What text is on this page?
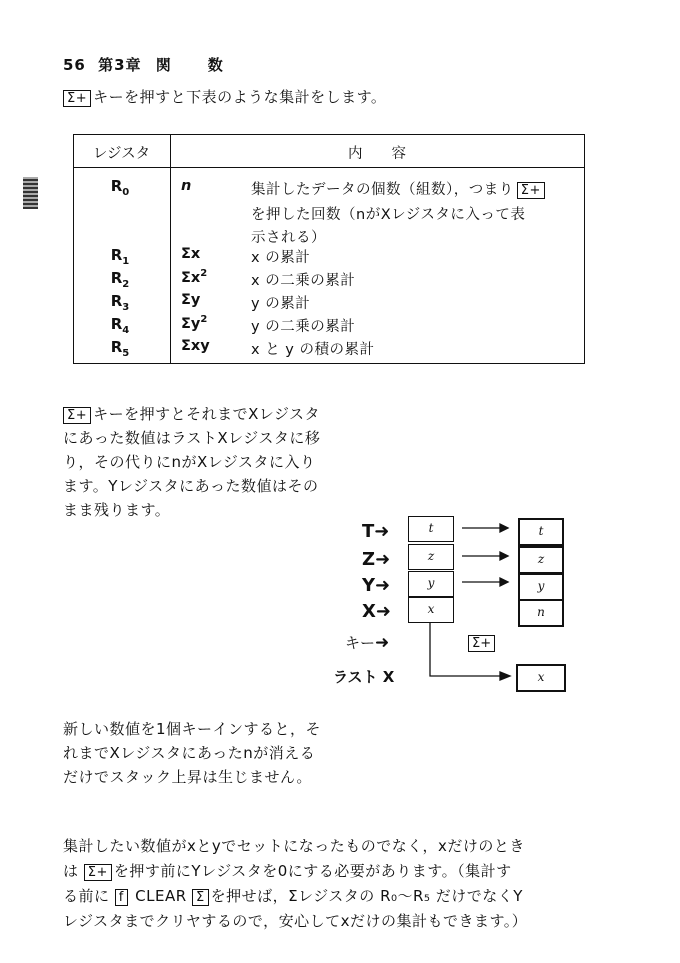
56 第3章 関 数
Σ+ キーを押すと下表のような集計をします。
レジスタ	内　　容
$R_0$	n	集計したデータの個数（組数），つまり Σ+
を押した回数（nがXレジスタに入って表
示される）
$R_1$	Σx	x の累計
$R_2$	$\Sigma x^2$	x の二乗の累計
$R_3$	Σy	y の累計
$R_4$	$\Sigma y^2$	y の二乗の累計
$R_5$	Σxy	x と y の積の累計
Σ+ キーを押すとそれまでXレジスタ
にあった数値はラストXレジスタに移
り，その代りにnがXレジスタに入り
ます。Yレジスタにあった数値はその
まま残ります。
T➜
Z➜
Y➜
X➜
t
z
y
x
t
z
y
n
キー➜	Σ+
ラスト X	x
新しい数値を1個キーインすると，そ
れまでXレジスタにあったnが消える
だけでスタック上昇は生じません。
集計したい数値がxとyでセットになったものでなく，xだけのとき
は Σ+ を押す前にYレジスタを0にする必要があります。（集計す
る前に f CLEAR Σ を押せば，Σレジスタの R₀～R₅ だけでなくY
レジスタまでクリヤするので，安心してxだけの集計もできます。）
